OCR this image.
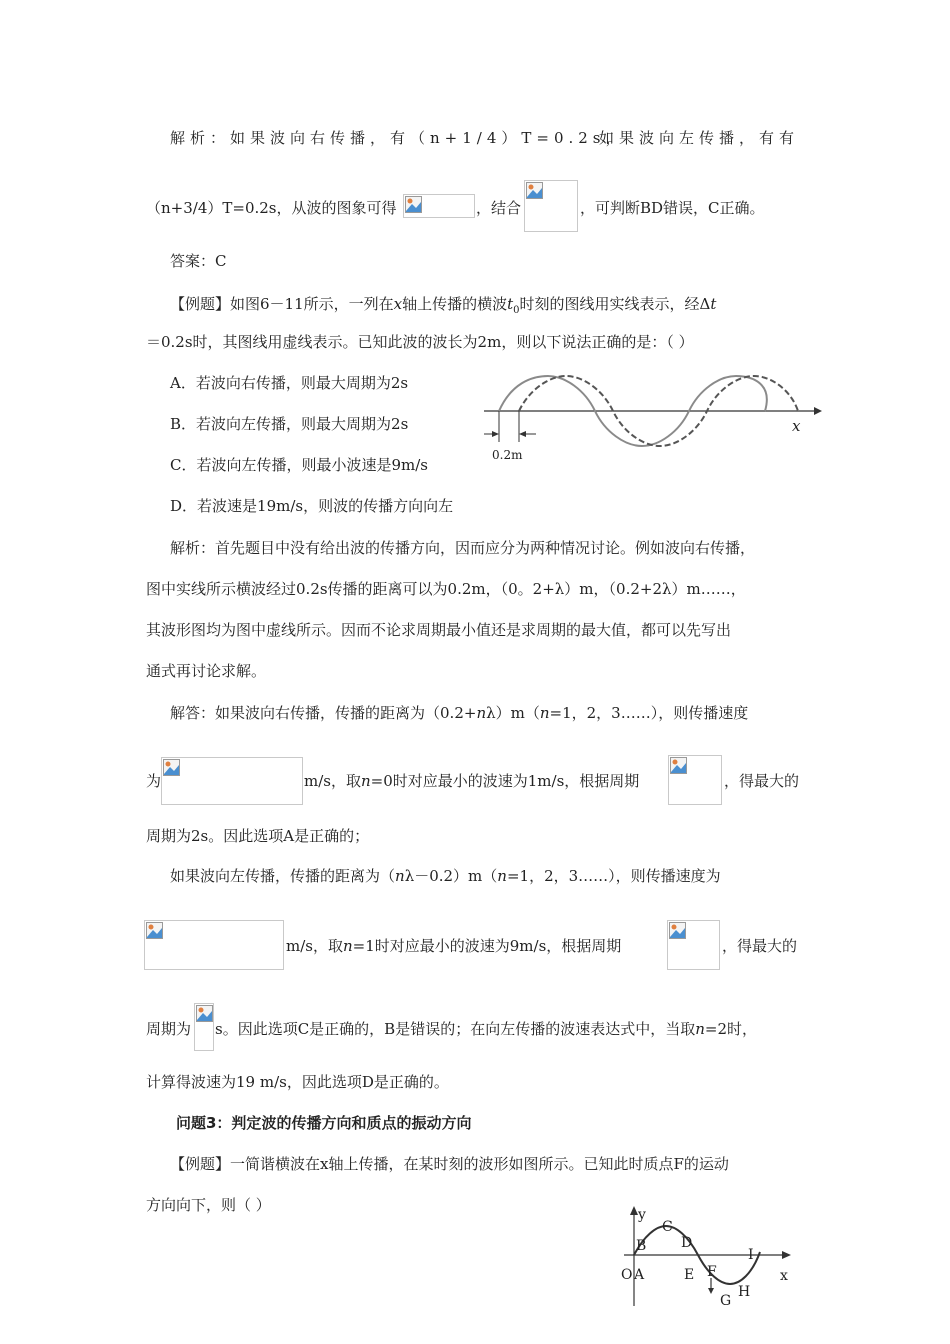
解析：如果波向右传播，有（n+1/4）T=0.2s，
如果波向左传播，有有
（n+3/4）T=0.2s，从波的图象可得	，结合	，可判断BD错误，C正确。
答案：C
【例题】如图6－11所示，一列在x轴上传播的横波$t_0$时刻的图线用实线表示，经Δt
＝0.2s时，其图线用虚线表示。已知此波的波长为2m，则以下说法正确的是：（ ）
A．若波向右传播，则最大周期为2s
B．若波向左传播，则最大周期为2s
C．若波向左传播，则最小波速是9m/s
D．若波速是19m/s，则波的传播方向向左
0.2m
x
解析：首先题目中没有给出波的传播方向，因而应分为两种情况讨论。例如波向右传播，
图中实线所示横波经过0.2s传播的距离可以为0.2m，（0。2+λ）m，（0.2+2λ）m……，
其波形图均为图中虚线所示。因而不论求周期最小值还是求周期的最大值，都可以先写出
通式再讨论求解。
解答：如果波向右传播，传播的距离为（0.2+nλ）m（n=1，2，3……），则传播速度
为	m/s，取n=0时对应最小的波速为1m/s，根据周期	，得最大的
周期为2s。因此选项A是正确的；
如果波向左传播，传播的距离为（nλ－0.2）m（n=1，2，3……），则传播速度为
m/s，取n=1时对应最小的波速为9m/s，根据周期	，得最大的
周期为 s。因此选项C是正确的，B是错误的；在向左传播的波速表达式中，当取n=2时，
计算得波速为19 m/s，因此选项D是正确的。
问题3：判定波的传播方向和质点的振动方向
【例题】一简谐横波在x轴上传播，在某时刻的波形如图所示。已知此时质点F的运动
方向向下，则（ ）
y
x
O A
B
C
D
E F
G
H
I
